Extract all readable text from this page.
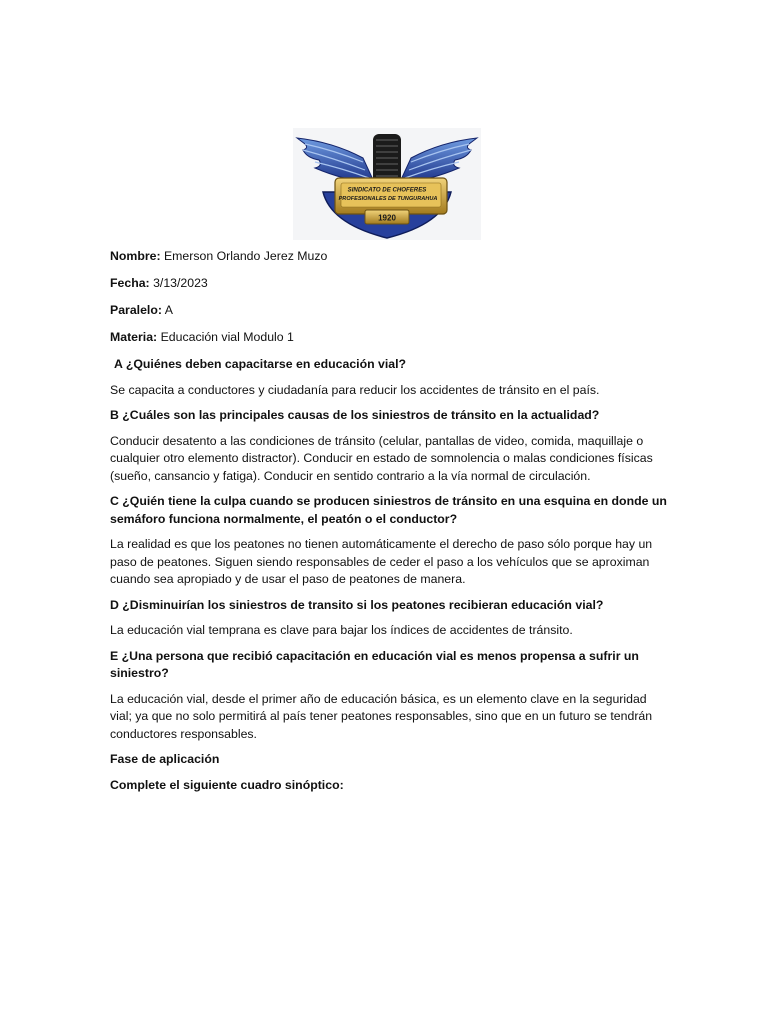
SINDICATO DE CHOFERES
PROFESIONALES DE TUNGURAHUA
1920

Nombre: Emerson Orlando Jerez Muzo

Fecha: 3/13/2023

Paralelo: A

Materia: Educación vial Modulo 1

A ¿Quiénes deben capacitarse en educación vial?

Se capacita a conductores y ciudadanía para reducir los accidentes de tránsito en el país.

B ¿Cuáles son las principales causas de los siniestros de tránsito en la actualidad?

Conducir desatento a las condiciones de tránsito (celular, pantallas de video, comida, maquillaje o cualquier otro elemento distractor). Conducir en estado de somnolencia o malas condiciones físicas (sueño, cansancio y fatiga). Conducir en sentido contrario a la vía normal de circulación.

C ¿Quién tiene la culpa cuando se producen siniestros de tránsito en una esquina en donde un semáforo funciona normalmente, el peatón o el conductor?

La realidad es que los peatones no tienen automáticamente el derecho de paso sólo porque hay un paso de peatones. Siguen siendo responsables de ceder el paso a los vehículos que se aproximan cuando sea apropiado y de usar el paso de peatones de manera.

D ¿Disminuirían los siniestros de transito si los peatones recibieran educación vial?

La educación vial temprana es clave para bajar los índices de accidentes de tránsito.

E ¿Una persona que recibió capacitación en educación vial es menos propensa a sufrir un siniestro?

La educación vial, desde el primer año de educación básica, es un elemento clave en la seguridad vial; ya que no solo permitirá al país tener peatones responsables, sino que en un futuro se tendrán conductores responsables.

Fase de aplicación

Complete el siguiente cuadro sinóptico:
